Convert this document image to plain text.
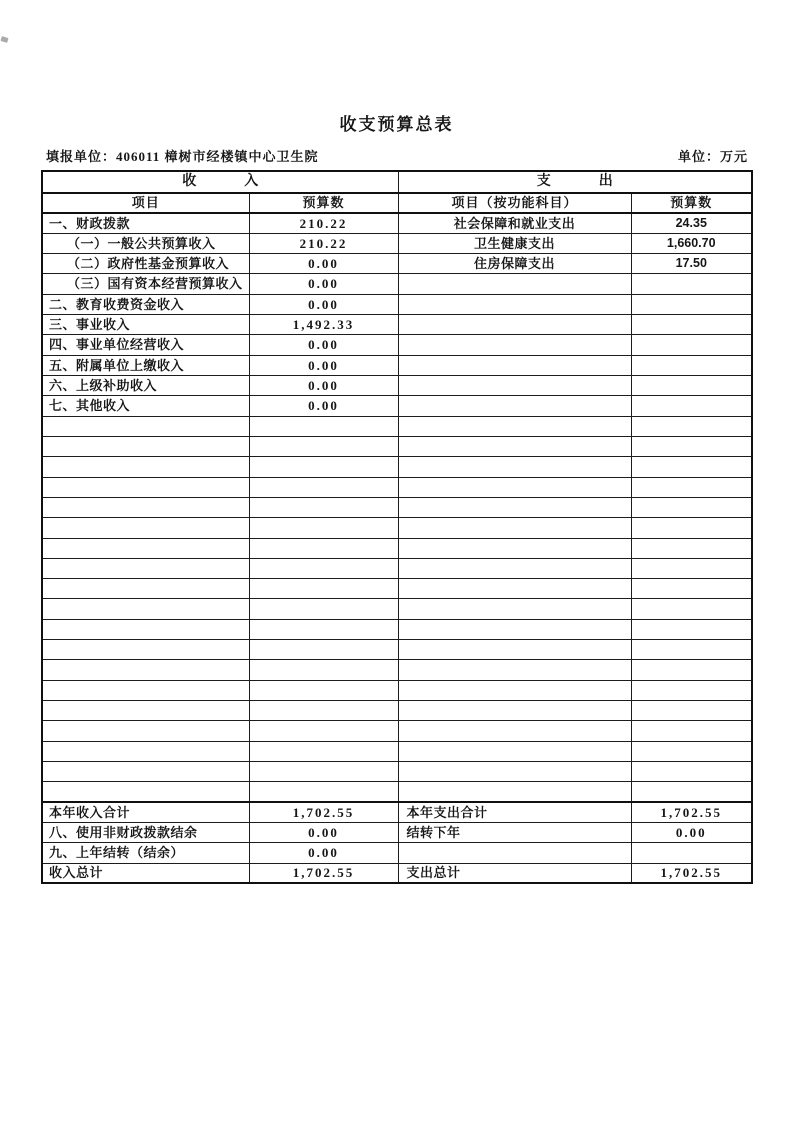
收支预算总表
填报单位：406011 樟树市经楼镇中心卫生院	单位：万元
收入		支出	
项目	预算数	项目（按功能科目）	预算数
一、财政拨款	210.22	社会保障和就业支出	24.35
（一）一般公共预算收入	210.22	卫生健康支出	1,660.70
（二）政府性基金预算收入	0.00	住房保障支出	17.50
（三）国有资本经营预算收入	0.00		
二、教育收费资金收入	0.00		
三、事业收入	1,492.33		
四、事业单位经营收入	0.00		
五、附属单位上缴收入	0.00		
六、上级补助收入	0.00		
七、其他收入	0.00		

本年收入合计	1,702.55	本年支出合计	1,702.55
八、使用非财政拨款结余	0.00	结转下年	0.00
九、上年结转（结余）	0.00		
收入总计	1,702.55	支出总计	1,702.55
